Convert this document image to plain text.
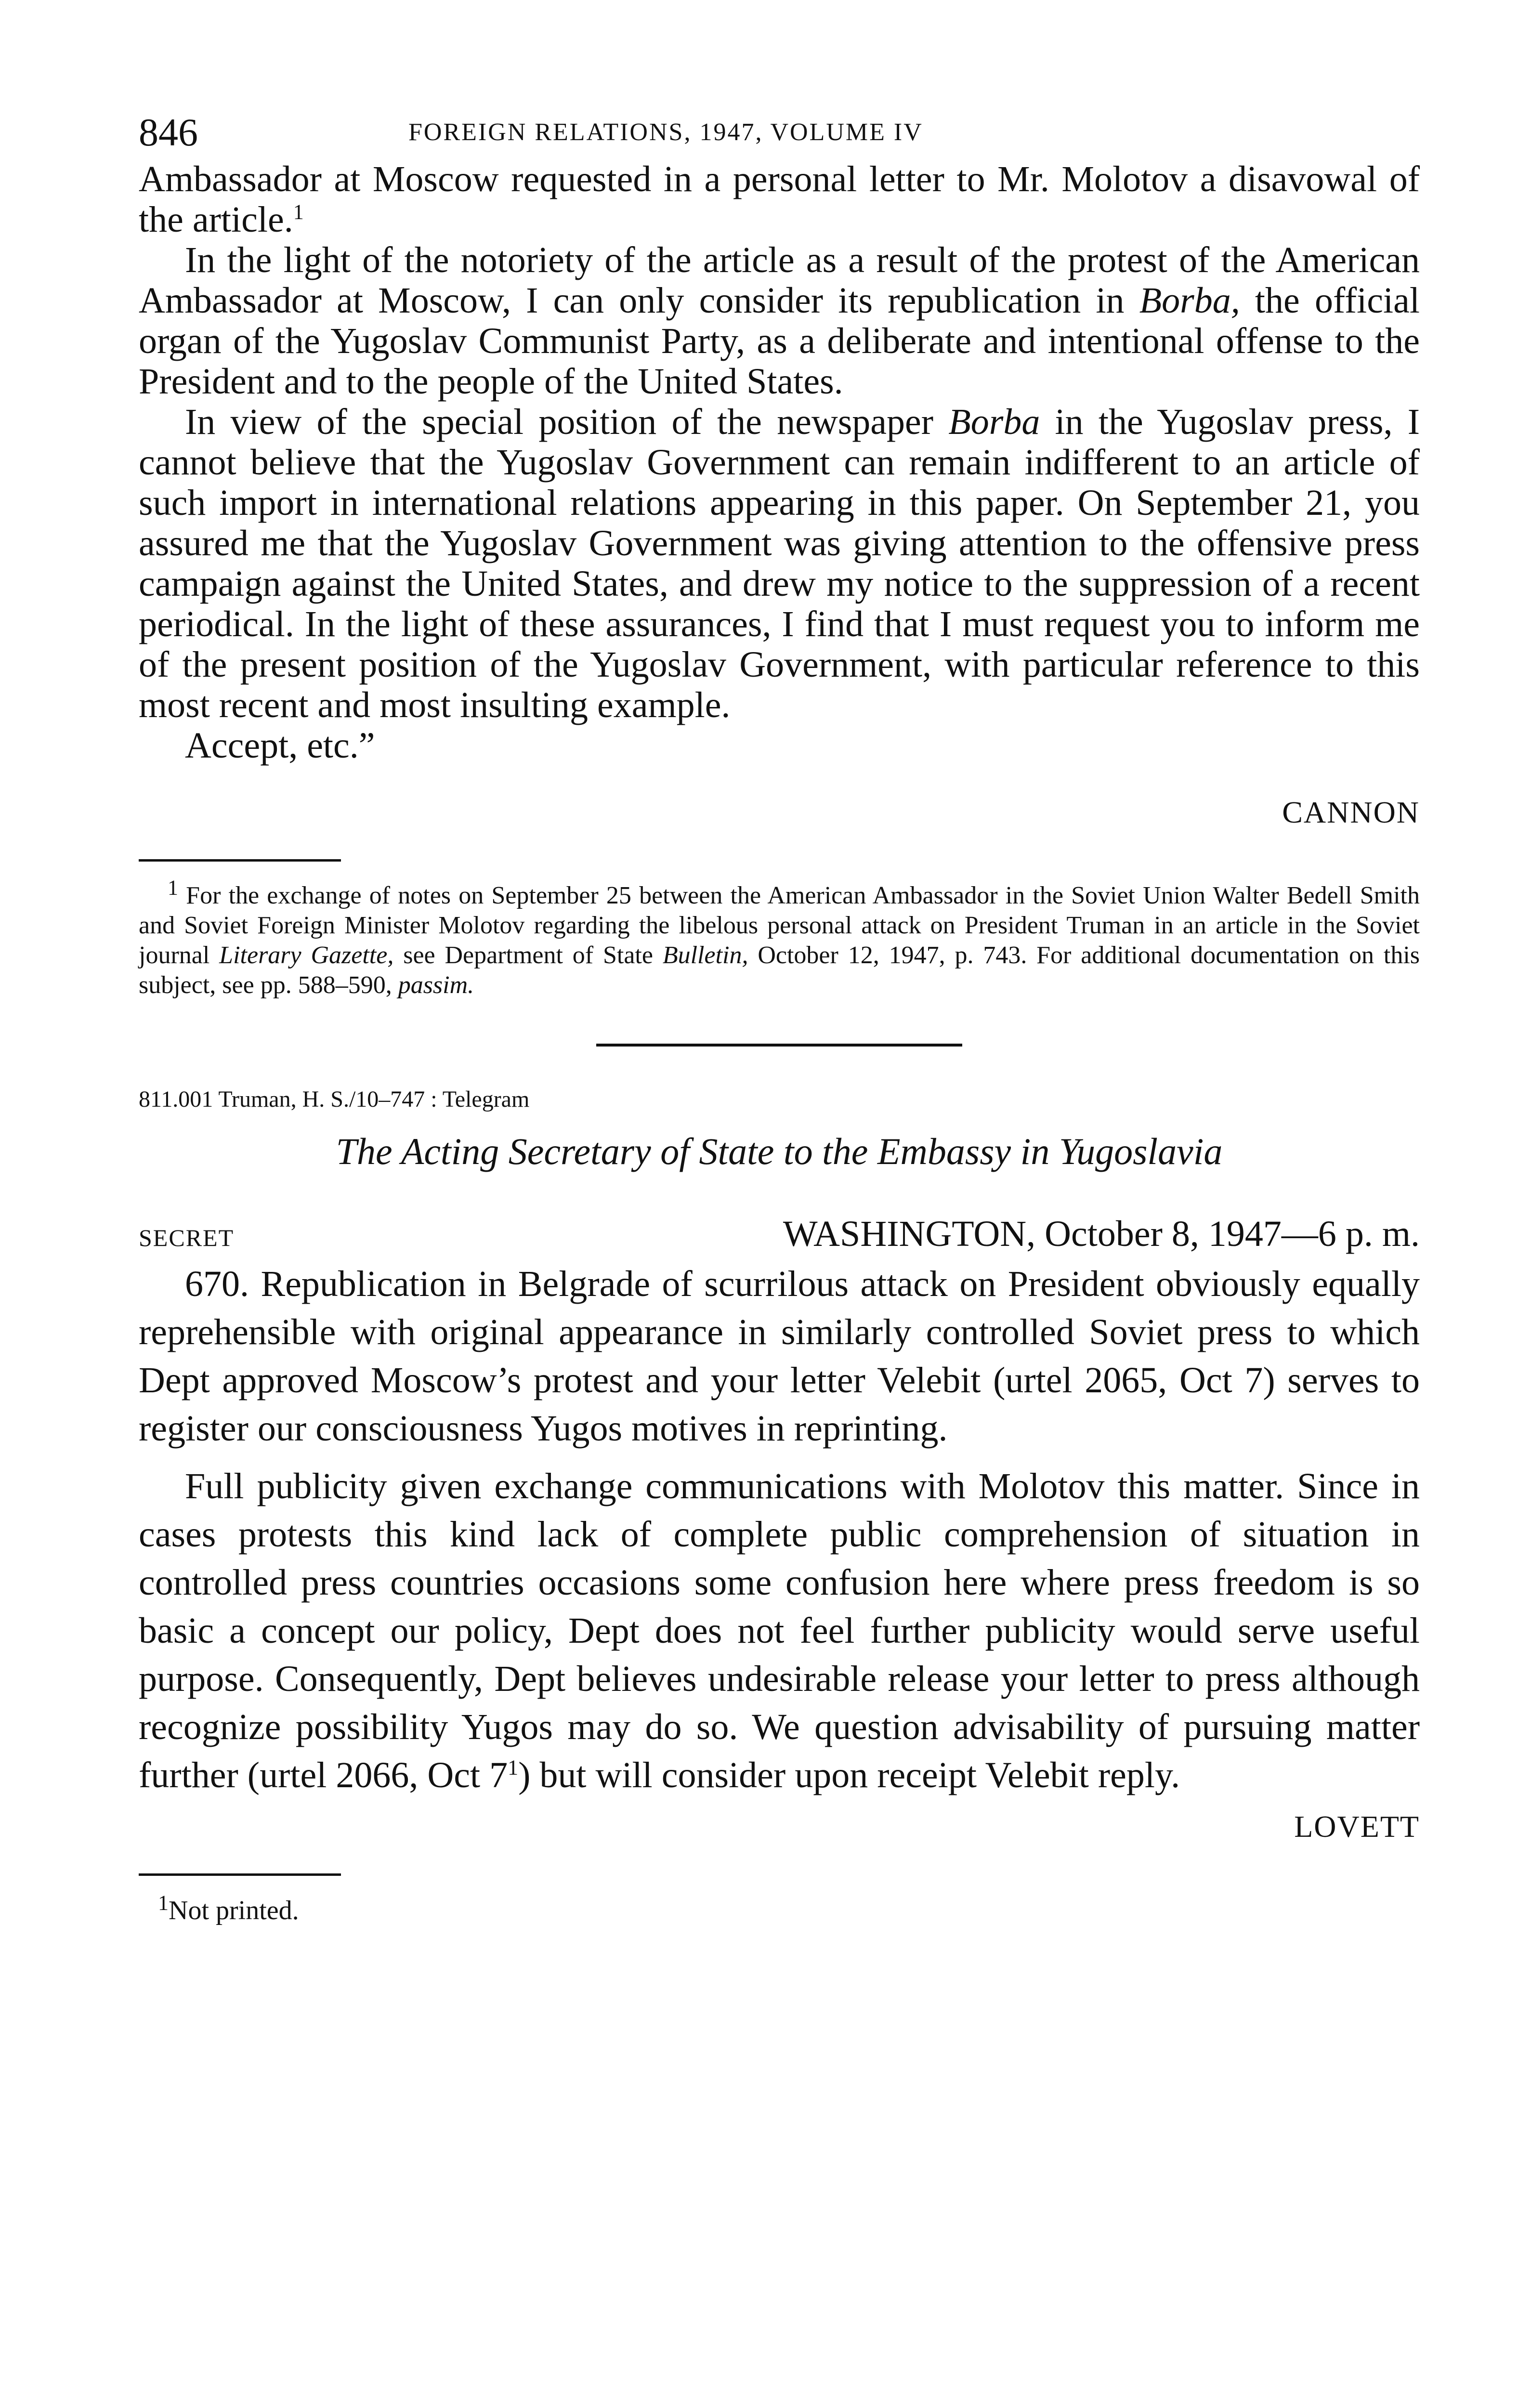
846	FOREIGN RELATIONS, 1947, VOLUME IV

Ambassador at Moscow requested in a personal letter to Mr. Molotov a disavowal of the article.$^1$

In the light of the notoriety of the article as a result of the protest of the American Ambassador at Moscow, I can only consider its republication in Borba, the official organ of the Yugoslav Communist Party, as a deliberate and intentional offense to the President and to the people of the United States.

In view of the special position of the newspaper Borba in the Yugoslav press, I cannot believe that the Yugoslav Government can remain indifferent to an article of such import in international relations appearing in this paper. On September 21, you assured me that the Yugoslav Government was giving attention to the offensive press campaign against the United States, and drew my notice to the suppression of a recent periodical. In the light of these assurances, I find that I must request you to inform me of the present position of the Yugoslav Government, with particular reference to this most recent and most insulting example.

Accept, etc.”

CANNON

$^1$ For the exchange of notes on September 25 between the American Ambassador in the Soviet Union Walter Bedell Smith and Soviet Foreign Minister Molotov regarding the libelous personal attack on President Truman in an article in the Soviet journal Literary Gazette, see Department of State Bulletin, October 12, 1947, p. 743. For additional documentation on this subject, see pp. 588–590, passim.

811.001 Truman, H. S./10–747 : Telegram

The Acting Secretary of State to the Embassy in Yugoslavia

SECRET	WASHINGTON, October 8, 1947—6 p. m.

670. Republication in Belgrade of scurrilous attack on President obviously equally reprehensible with original appearance in similarly controlled Soviet press to which Dept approved Moscow’s protest and your letter Velebit (urtel 2065, Oct 7) serves to register our consciousness Yugos motives in reprinting.

Full publicity given exchange communications with Molotov this matter. Since in cases protests this kind lack of complete public comprehension of situation in controlled press countries occasions some confusion here where press freedom is so basic a concept our policy, Dept does not feel further publicity would serve useful purpose. Consequently, Dept believes undesirable release your letter to press although recognize possibility Yugos may do so. We question advisability of pursuing matter further (urtel 2066, Oct $7^1$) but will consider upon receipt Velebit reply.

LOVETT

$^1$Not printed.
